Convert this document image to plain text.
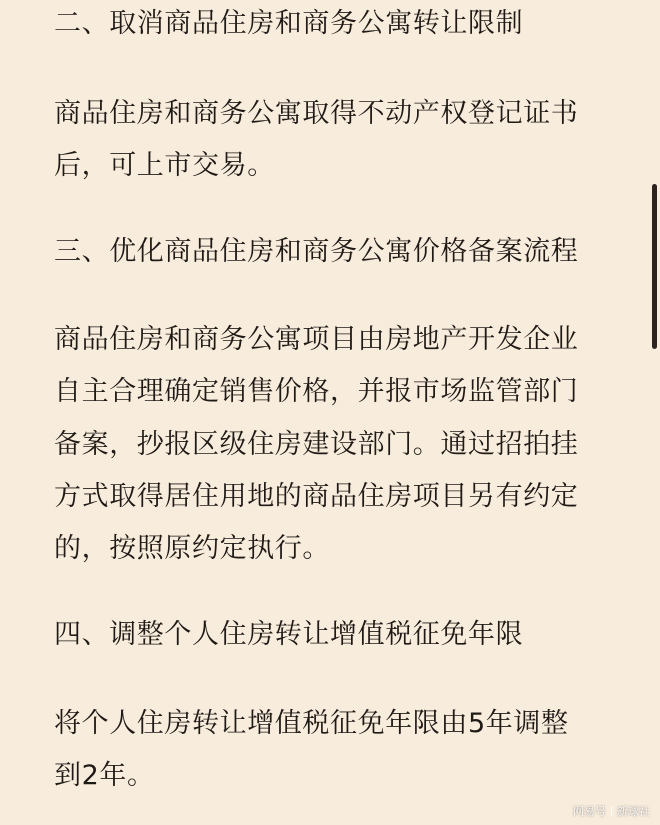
二、取消商品住房和商务公寓转让限制
商品住房和商务公寓取得不动产权登记证书
后，可上市交易。
三、优化商品住房和商务公寓价格备案流程
商品住房和商务公寓项目由房地产开发企业
自主合理确定销售价格，并报市场监管部门
备案，抄报区级住房建设部门。通过招拍挂
方式取得居住用地的商品住房项目另有约定
的，按照原约定执行。
四、调整个人住房转让增值税征免年限
将个人住房转让增值税征免年限由5年调整
到2年。
网易号 新球社
